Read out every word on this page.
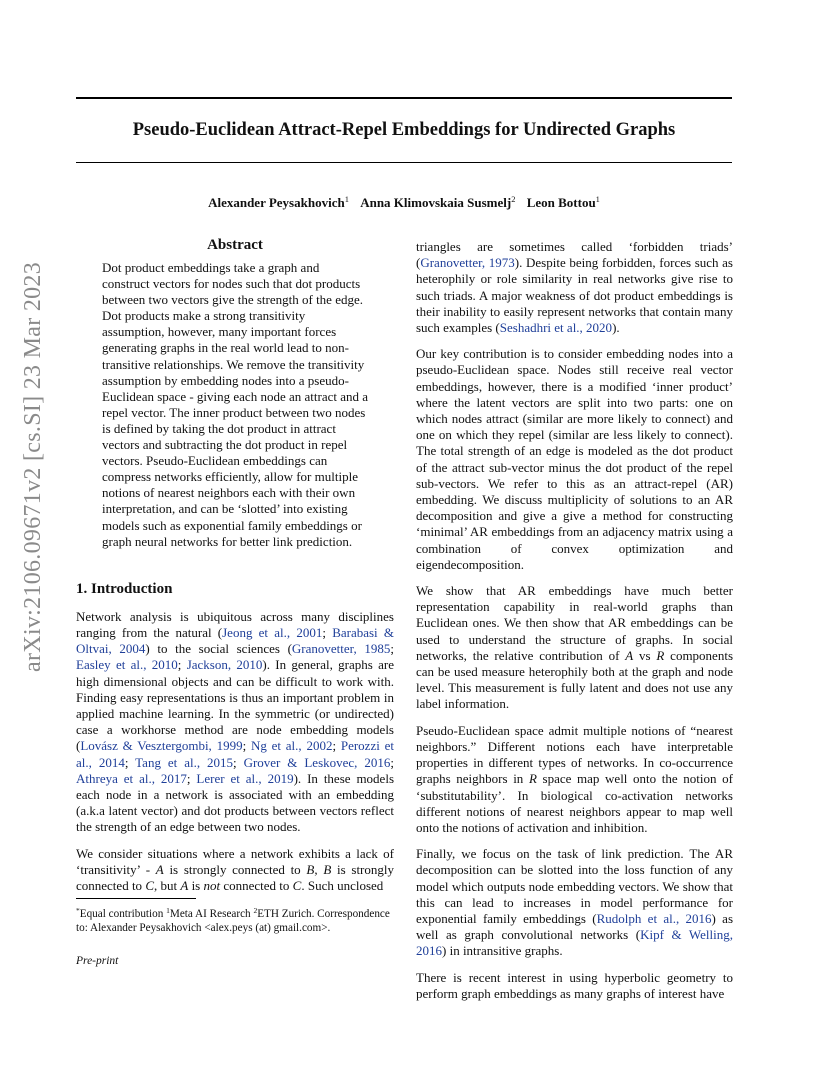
arXiv:2106.09671v2 [cs.SI] 23 Mar 2023
Pseudo-Euclidean Attract-Repel Embeddings for Undirected Graphs
Alexander Peysakhovich$^1$ Anna Klimovskaia Susmelj$^2$ Leon Bottou$^1$
Abstract

Dot product embeddings take a graph and construct vectors for nodes such that dot products between two vectors give the strength of the edge. Dot products make a strong transitivity assumption, however, many important forces generating graphs in the real world lead to non-transitive relationships. We remove the transitivity assumption by embedding nodes into a pseudo-Euclidean space - giving each node an attract and a repel vector. The inner product between two nodes is defined by taking the dot product in attract vectors and subtracting the dot product in repel vectors. Pseudo-Euclidean embeddings can compress networks efficiently, allow for multiple notions of nearest neighbors each with their own interpretation, and can be ‘slotted’ into existing models such as exponential family embeddings or graph neural networks for better link prediction.

1. Introduction

Network analysis is ubiquitous across many disciplines ranging from the natural (Jeong et al., 2001; Barabasi & Oltvai, 2004) to the social sciences (Granovetter, 1985; Easley et al., 2010; Jackson, 2010). In general, graphs are high dimensional objects and can be difficult to work with. Finding easy representations is thus an important problem in applied machine learning. In the symmetric (or undirected) case a workhorse method are node embedding models (Lovász & Vesztergombi, 1999; Ng et al., 2002; Perozzi et al., 2014; Tang et al., 2015; Grover & Leskovec, 2016; Athreya et al., 2017; Lerer et al., 2019). In these models each node in a network is associated with an embedding (a.k.a latent vector) and dot products between vectors reflect the strength of an edge between two nodes.

We consider situations where a network exhibits a lack of ‘transitivity’ - A is strongly connected to B, B is strongly connected to C, but A is not connected to C. Such unclosed

triangles are sometimes called ‘forbidden triads’ (Granovetter, 1973). Despite being forbidden, forces such as heterophily or role similarity in real networks give rise to such triads. A major weakness of dot product embeddings is their inability to easily represent networks that contain many such examples (Seshadhri et al., 2020).

Our key contribution is to consider embedding nodes into a pseudo-Euclidean space. Nodes still receive real vector embeddings, however, there is a modified ‘inner product’ where the latent vectors are split into two parts: one on which nodes attract (similar are more likely to connect) and one on which they repel (similar are less likely to connect). The total strength of an edge is modeled as the dot product of the attract sub-vector minus the dot product of the repel sub-vectors. We refer to this as an attract-repel (AR) embedding. We discuss multiplicity of solutions to an AR decomposition and give a give a method for constructing ‘minimal’ AR embeddings from an adjacency matrix using a combination of convex optimization and eigendecomposition.

We show that AR embeddings have much better representation capability in real-world graphs than Euclidean ones. We then show that AR embeddings can be used to understand the structure of graphs. In social networks, the relative contribution of A vs R components can be used measure heterophily both at the graph and node level. This measurement is fully latent and does not use any label information.

Pseudo-Euclidean space admit multiple notions of “nearest neighbors.” Different notions each have interpretable properties in different types of networks. In co-occurrence graphs neighbors in R space map well onto the notion of ‘substitutability’. In biological co-activation networks different notions of nearest neighbors appear to map well onto the notions of activation and inhibition.

Finally, we focus on the task of link prediction. The AR decomposition can be slotted into the loss function of any model which outputs node embedding vectors. We show that this can lead to increases in model performance for exponential family embeddings (Rudolph et al., 2016) as well as graph convolutional networks (Kipf & Welling, 2016) in intransitive graphs.

There is recent interest in using hyperbolic geometry to perform graph embeddings as many graphs of interest have

*Equal contribution $^1$Meta AI Research $^2$ETH Zurich. Correspondence to: Alexander Peysakhovich <alex.peys (at) gmail.com>.
Pre-print
